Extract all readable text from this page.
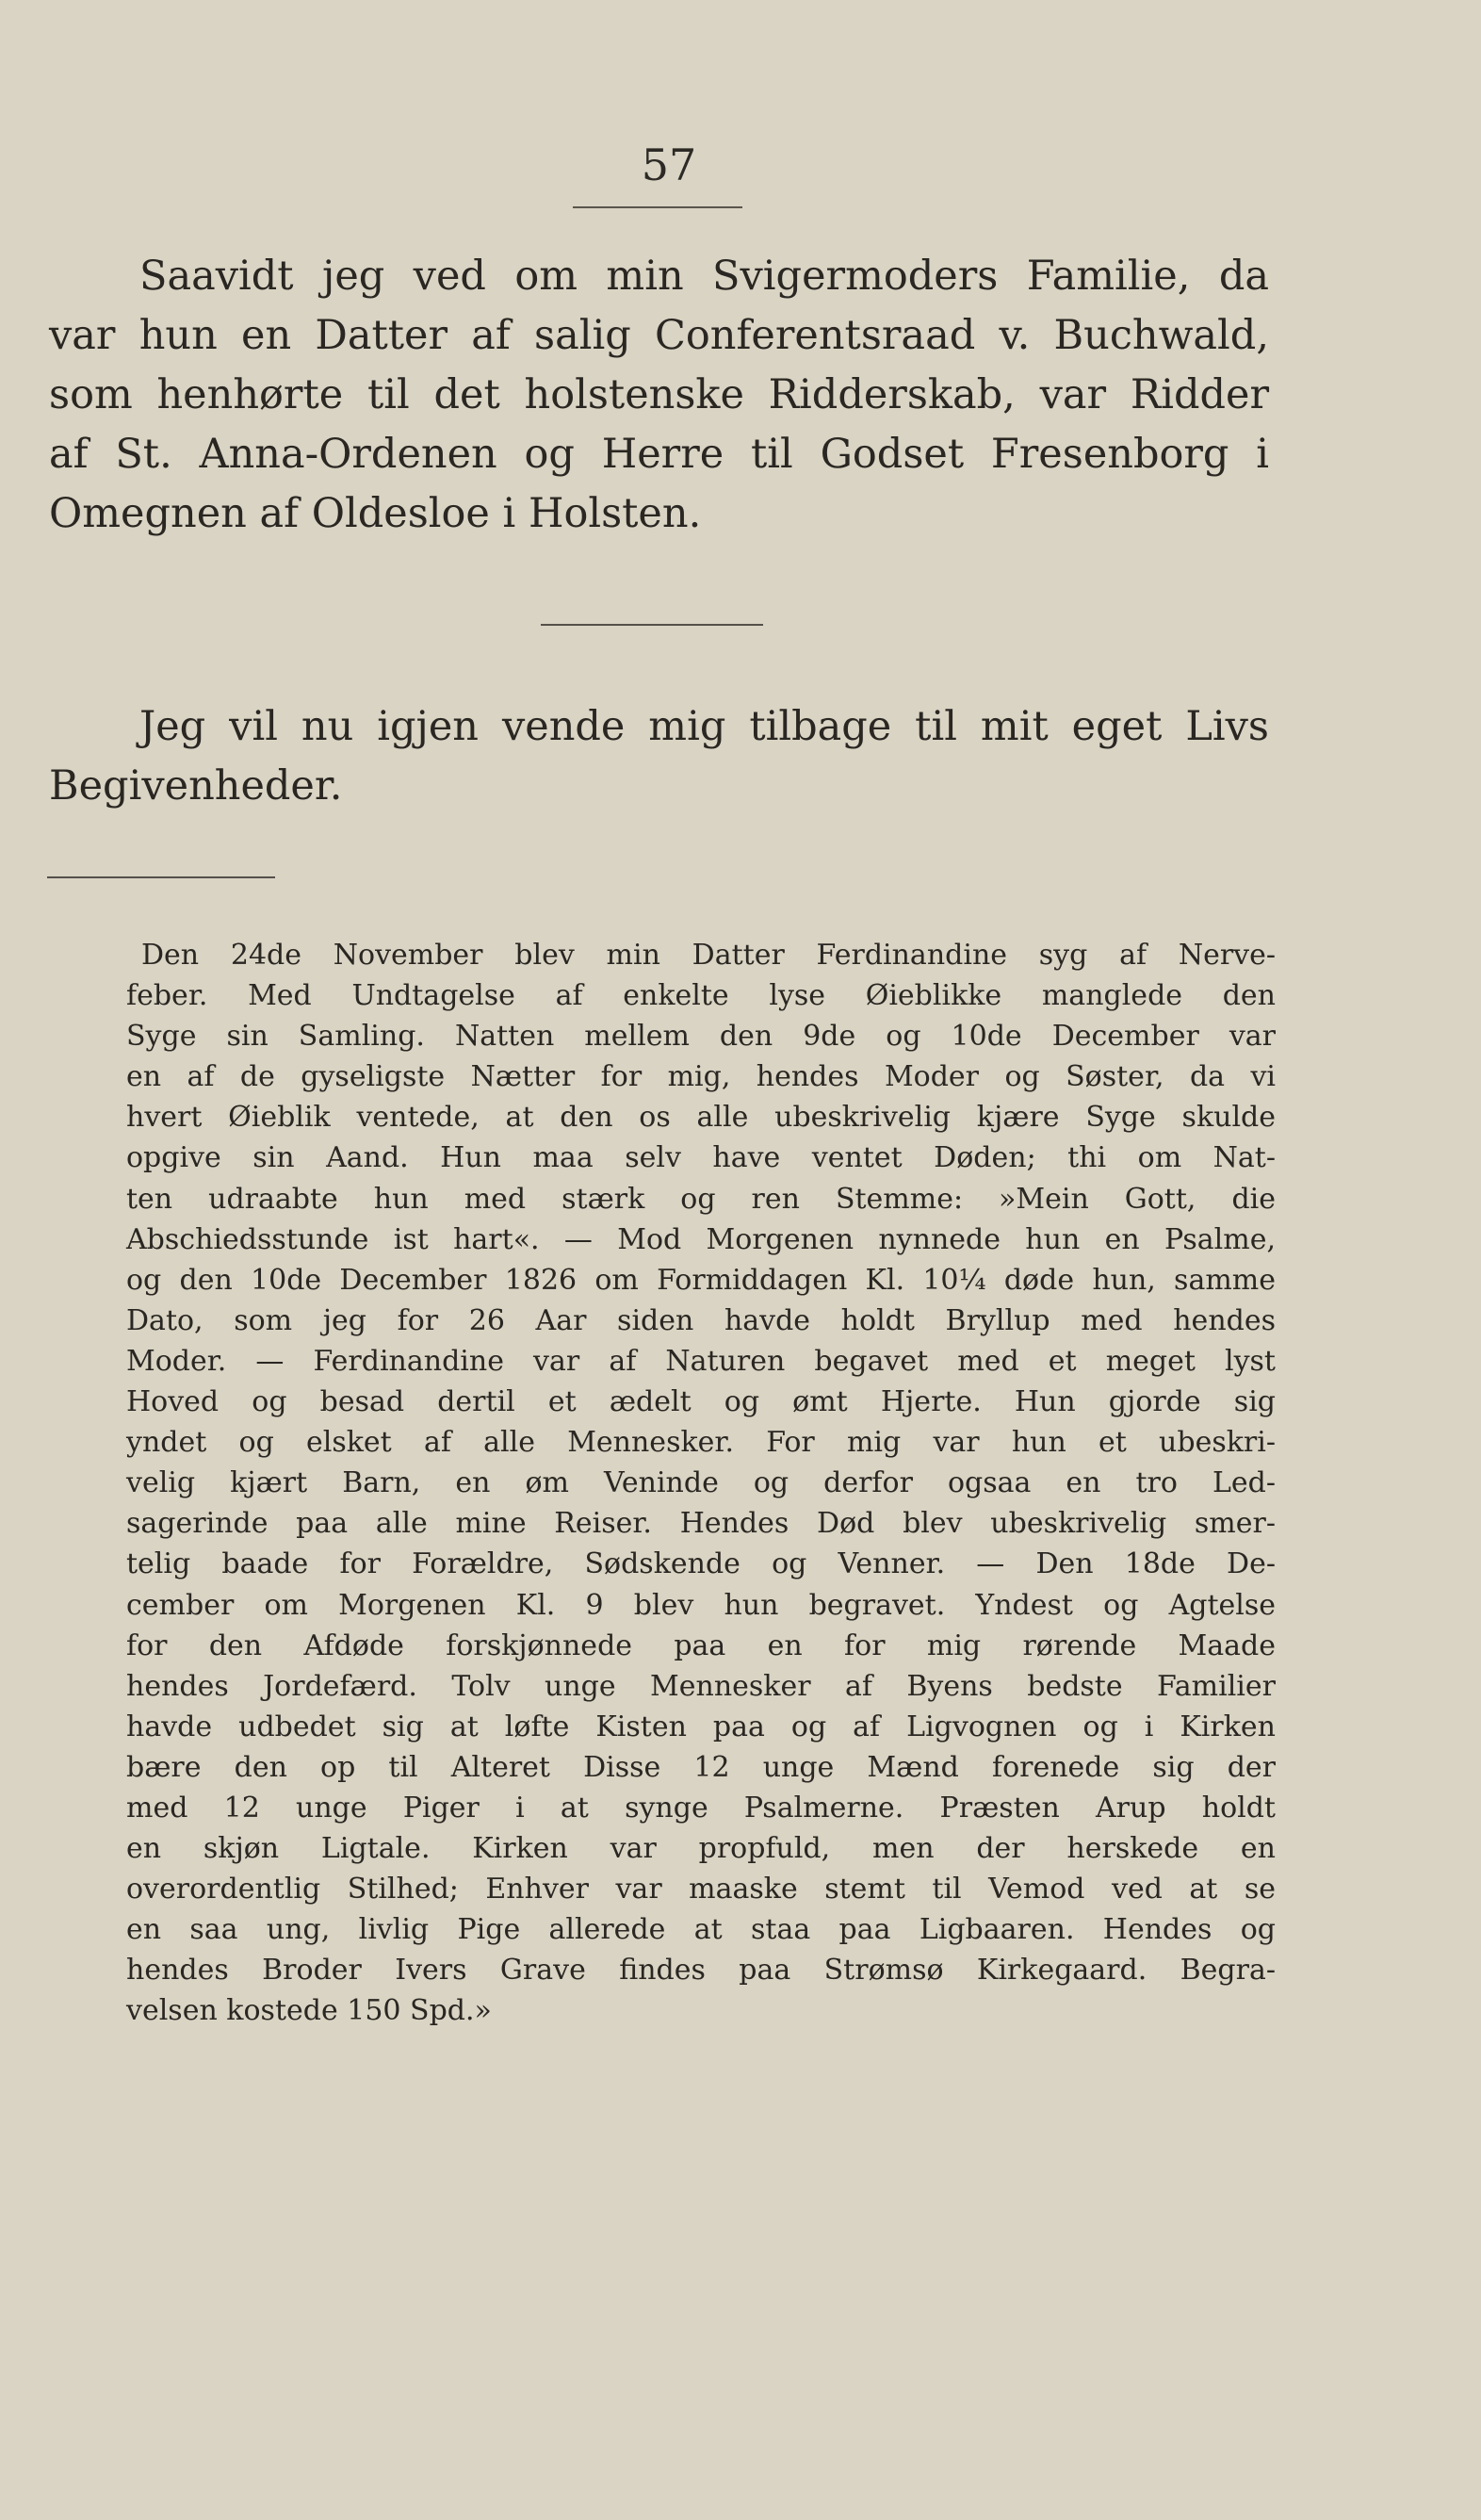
57
Saavidt jeg ved om min Svigermoders Familie, da
var hun en Datter af salig Conferentsraad v. Buchwald,
som henhørte til det holstenske Ridderskab, var Ridder
af St. Anna-Ordenen og Herre til Godset Fresenborg i
Omegnen af Oldesloe i Holsten.
Jeg vil nu igjen vende mig tilbage til mit eget Livs
Begivenheder.
Den 24de November blev min Datter Ferdinandine syg af Nerve-
feber. Med Undtagelse af enkelte lyse Øieblikke manglede den
Syge sin Samling. Natten mellem den 9de og 10de December var
en af de gyseligste Nætter for mig, hendes Moder og Søster, da vi
hvert Øieblik ventede, at den os alle ubeskrivelig kjære Syge skulde
opgive sin Aand. Hun maa selv have ventet Døden; thi om Nat-
ten udraabte hun med stærk og ren Stemme: »Mein Gott, die
Abschiedsstunde ist hart«. — Mod Morgenen nynnede hun en Psalme,
og den 10de December 1826 om Formiddagen Kl. 10¼ døde hun, samme
Dato, som jeg for 26 Aar siden havde holdt Bryllup med hendes
Moder. — Ferdinandine var af Naturen begavet med et meget lyst
Hoved og besad dertil et ædelt og ømt Hjerte. Hun gjorde sig
yndet og elsket af alle Mennesker. For mig var hun et ubeskri-
velig kjært Barn, en øm Veninde og derfor ogsaa en tro Led-
sagerinde paa alle mine Reiser. Hendes Død blev ubeskrivelig smer-
telig baade for Forældre, Sødskende og Venner. — Den 18de De-
cember om Morgenen Kl. 9 blev hun begravet. Yndest og Agtelse
for den Afdøde forskjønnede paa en for mig rørende Maade
hendes Jordefærd. Tolv unge Mennesker af Byens bedste Familier
havde udbedet sig at løfte Kisten paa og af Ligvognen og i Kirken
bære den op til Alteret Disse 12 unge Mænd forenede sig der
med 12 unge Piger i at synge Psalmerne. Præsten Arup holdt
en skjøn Ligtale. Kirken var propfuld, men der herskede en
overordentlig Stilhed; Enhver var maaske stemt til Vemod ved at se
en saa ung, livlig Pige allerede at staa paa Ligbaaren. Hendes og
hendes Broder Ivers Grave findes paa Strømsø Kirkegaard. Begra-
velsen kostede 150 Spd.»
